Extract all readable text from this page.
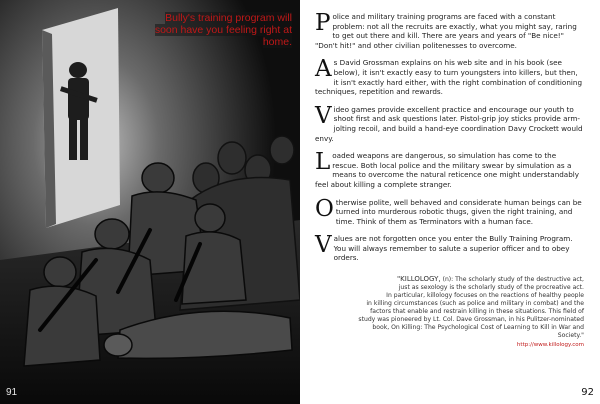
Bully's training program will soon have you feeling right at home.
91

Police and military training programs are faced with a constant problem: not all the recruits are exactly, what you might say, raring to get out there and kill. There are years and years of "Be nice!" "Don't hit!" and other civilian politenesses to overcome.

As David Grossman explains on his web site and in his book (see below), it isn't exactly easy to turn youngsters into killers, but then, it isn't exactly hard either, with the right combination of conditioning techniques, repetition and rewards.

Video games provide excellent practice and encourage our youth to shoot first and ask questions later. Pistol-grip joy sticks provide arm-jolting recoil, and build a hand-eye coordination Davy Crockett would envy.

Loaded weapons are dangerous, so simulation has come to the rescue. Both local police and the military swear by simulation as a means to overcome the natural reticence one might understandably feel about killing a complete stranger.

Otherwise polite, well behaved and considerate human beings can be turned into murderous robotic thugs, given the right training, and time. Think of them as Terminators with a human face.

Values are not forgotten once you enter the Bully Training Program. You will always remember to salute a superior officer and to obey orders.

"KILLOLOGY, (n): The scholarly study of the destructive act,
just as sexology is the scholarly study of the procreative act.
In particular, killology focuses on the reactions of healthy people
in killing circumstances (such as police and military in combat) and the
factors that enable and restrain killing in these situations. This field of
study was pioneered by Lt. Col. Dave Grossman, in his Pulitzer-nominated
book, On Killing: The Psychological Cost of Learning to Kill in War and
Society."
http://www.killology.com
92
